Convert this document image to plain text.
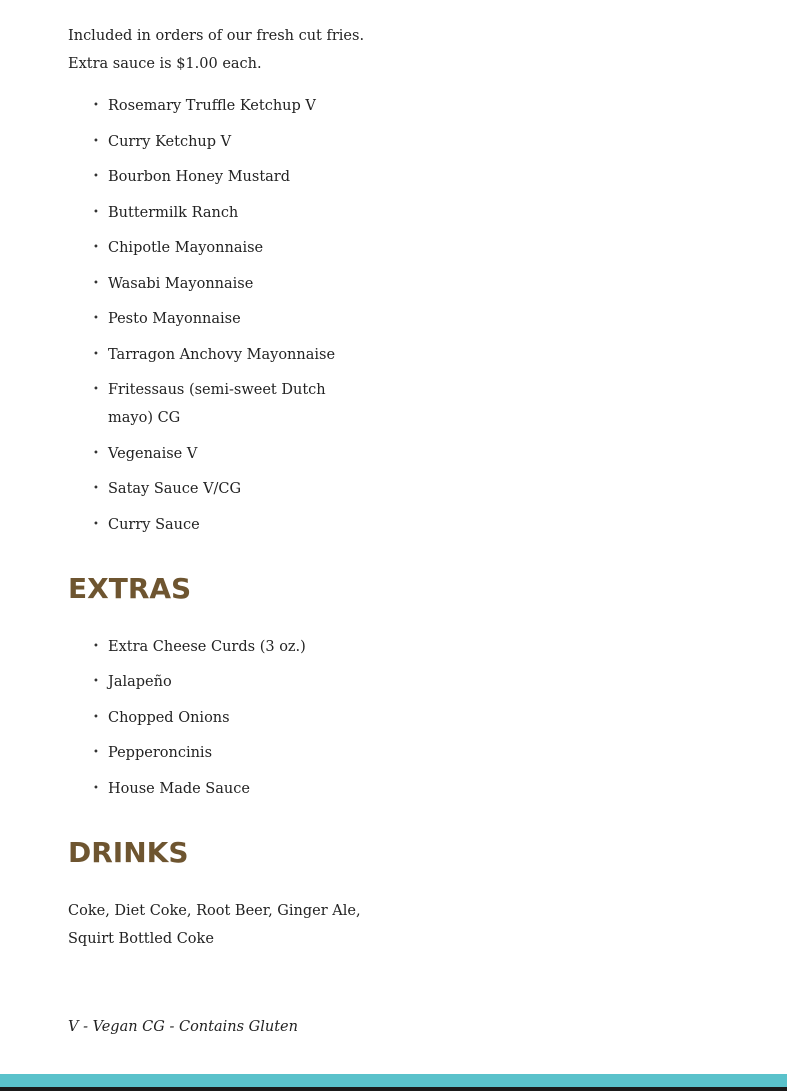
Included in orders of our fresh cut fries.

Extra sauce is $1.00 each.

• Rosemary Truffle Ketchup V
• Curry Ketchup V
• Bourbon Honey Mustard
• Buttermilk Ranch
• Chipotle Mayonnaise
• Wasabi Mayonnaise
• Pesto Mayonnaise
• Tarragon Anchovy Mayonnaise
• Fritessaus (semi-sweet Dutch mayo) CG
• Vegenaise V
• Satay Sauce V/CG
• Curry Sauce
EXTRAS
• Extra Cheese Curds (3 oz.)
• Jalapeño
• Chopped Onions
• Pepperoncinis
• House Made Sauce
DRINKS

Coke, Diet Coke, Root Beer, Ginger Ale,

Squirt Bottled Coke

V - Vegan CG - Contains Gluten
